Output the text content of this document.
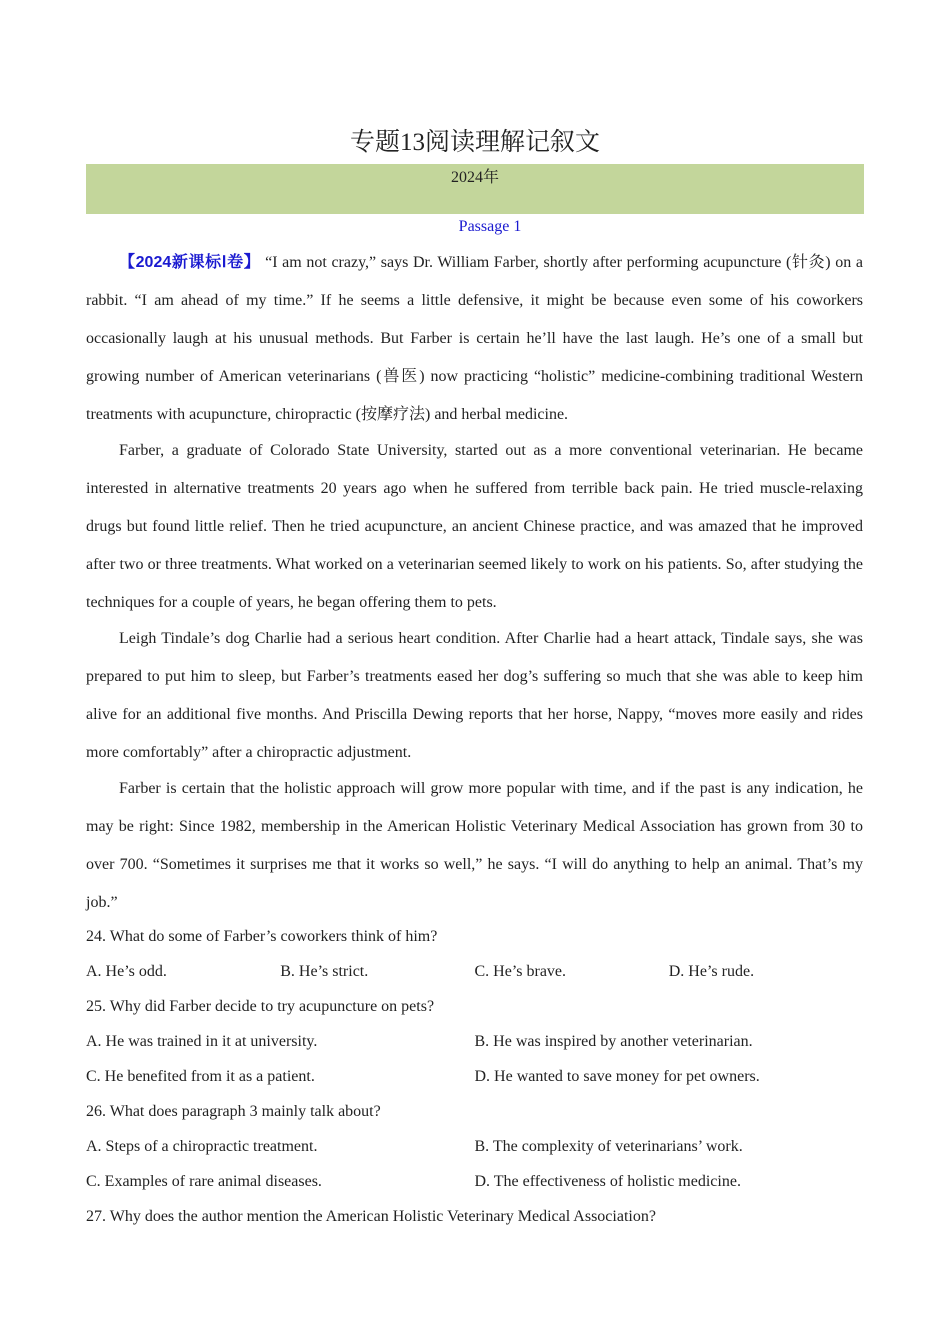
专题13阅读理解记叙文
2024年
Passage 1

【2024新课标Ⅰ卷】 “I am not crazy,” says Dr. William Farber, shortly after performing acupuncture (针灸) on a rabbit. “I am ahead of my time.” If he seems a little defensive, it might be because even some of his coworkers occasionally laugh at his unusual methods. But Farber is certain he’ll have the last laugh. He’s one of a small but growing number of American veterinarians (兽医) now practicing “holistic” medicine-combining traditional Western treatments with acupuncture, chiropractic (按摩疗法) and herbal medicine.

Farber, a graduate of Colorado State University, started out as a more conventional veterinarian. He became interested in alternative treatments 20 years ago when he suffered from terrible back pain. He tried muscle-relaxing drugs but found little relief. Then he tried acupuncture, an ancient Chinese practice, and was amazed that he improved after two or three treatments. What worked on a veterinarian seemed likely to work on his patients. So, after studying the techniques for a couple of years, he began offering them to pets.

Leigh Tindale’s dog Charlie had a serious heart condition. After Charlie had a heart attack, Tindale says, she was prepared to put him to sleep, but Farber’s treatments eased her dog’s suffering so much that she was able to keep him alive for an additional five months. And Priscilla Dewing reports that her horse, Nappy, “moves more easily and rides more comfortably” after a chiropractic adjustment.

Farber is certain that the holistic approach will grow more popular with time, and if the past is any indication, he may be right: Since 1982, membership in the American Holistic Veterinary Medical Association has grown from 30 to over 700. “Sometimes it surprises me that it works so well,” he says. “I will do anything to help an animal. That’s my job.”

24. What do some of Farber’s coworkers think of him?
A. He’s odd.	B. He’s strict.	C. He’s brave.	D. He’s rude.
25. Why did Farber decide to try acupuncture on pets?
A. He was trained in it at university.	B. He was inspired by another veterinarian.
C. He benefited from it as a patient.	D. He wanted to save money for pet owners.
26. What does paragraph 3 mainly talk about?
A. Steps of a chiropractic treatment.	B. The complexity of veterinarians’ work.
C. Examples of rare animal diseases.	D. The effectiveness of holistic medicine.
27. Why does the author mention the American Holistic Veterinary Medical Association?
